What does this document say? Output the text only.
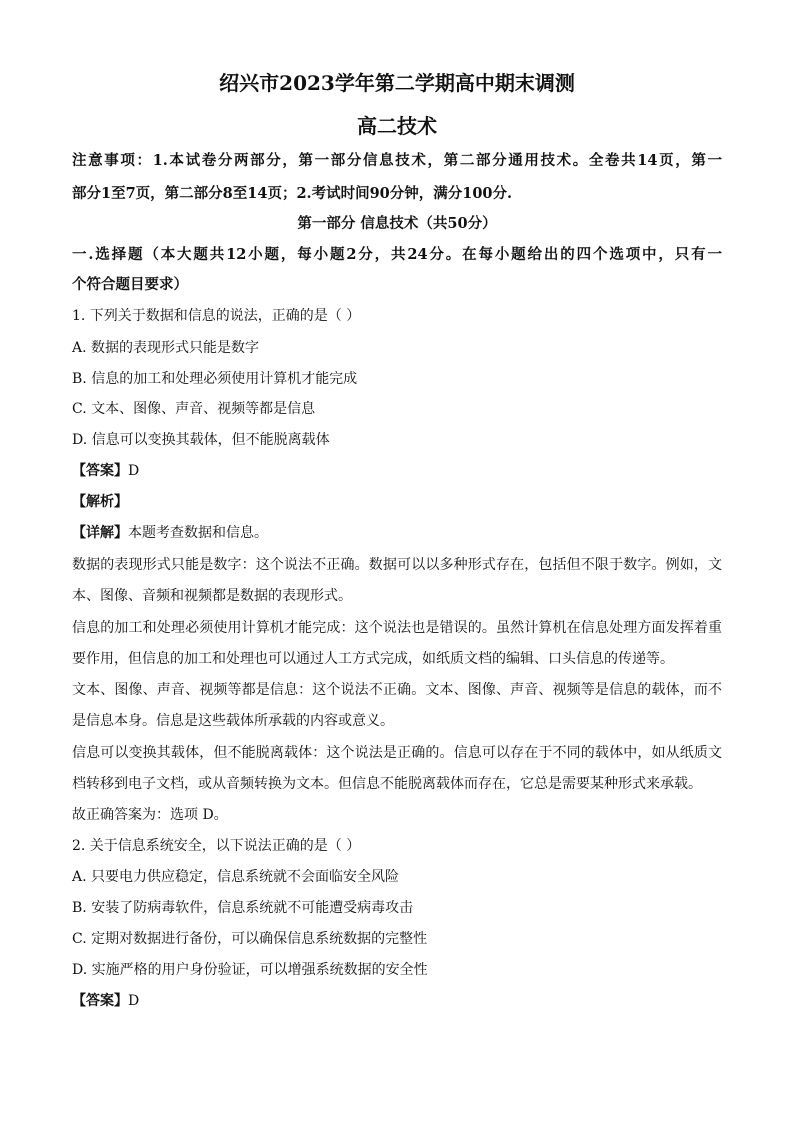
绍兴市2023学年第二学期高中期末调测
高二技术
注意事项：1.本试卷分两部分，第一部分信息技术，第二部分通用技术。全卷共14页，第一
部分1至7页，第二部分8至14页；2.考试时间90分钟，满分100分.
第一部分 信息技术（共50分）
一.选择题（本大题共12小题，每小题2分，共24分。在每小题给出的四个选项中，只有一
个符合题目要求）
1. 下列关于数据和信息的说法，正确的是（ ）
A. 数据的表现形式只能是数字
B. 信息的加工和处理必须使用计算机才能完成
C. 文本、图像、声音、视频等都是信息
D. 信息可以变换其载体，但不能脱离载体
【答案】D
【解析】
【详解】本题考查数据和信息。
数据的表现形式只能是数字：这个说法不正确。数据可以以多种形式存在，包括但不限于数字。例如，文
本、图像、音频和视频都是数据的表现形式。
信息的加工和处理必须使用计算机才能完成：这个说法也是错误的。虽然计算机在信息处理方面发挥着重
要作用，但信息的加工和处理也可以通过人工方式完成，如纸质文档的编辑、口头信息的传递等。
文本、图像、声音、视频等都是信息：这个说法不正确。文本、图像、声音、视频等是信息的载体，而不
是信息本身。信息是这些载体所承载的内容或意义。
信息可以变换其载体，但不能脱离载体：这个说法是正确的。信息可以存在于不同的载体中，如从纸质文
档转移到电子文档，或从音频转换为文本。但信息不能脱离载体而存在，它总是需要某种形式来承载。
故正确答案为：选项 D。
2. 关于信息系统安全，以下说法正确的是（ ）
A. 只要电力供应稳定，信息系统就不会面临安全风险
B. 安装了防病毒软件，信息系统就不可能遭受病毒攻击
C. 定期对数据进行备份，可以确保信息系统数据的完整性
D. 实施严格的用户身份验证，可以增强系统数据的安全性
【答案】D
